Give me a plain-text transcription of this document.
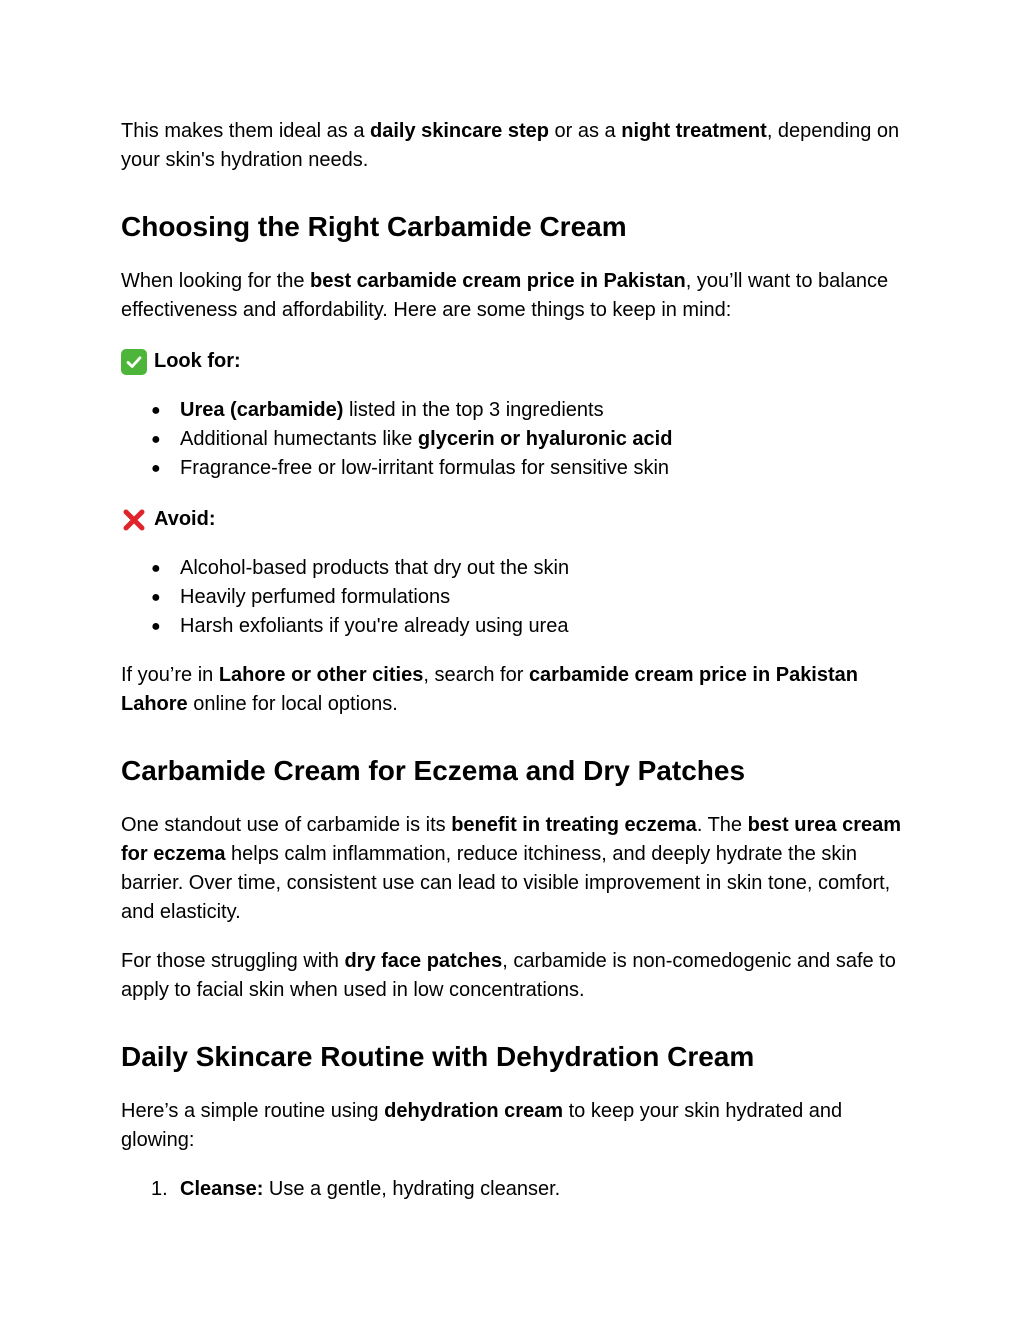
This makes them ideal as a daily skincare step or as a night treatment, depending on your skin's hydration needs.

Choosing the Right Carbamide Cream

When looking for the best carbamide cream price in Pakistan, you’ll want to balance effectiveness and affordability. Here are some things to keep in mind:

Look for:
● Urea (carbamide) listed in the top 3 ingredients
● Additional humectants like glycerin or hyaluronic acid
● Fragrance-free or low-irritant formulas for sensitive skin
Avoid:
● Alcohol-based products that dry out the skin
● Heavily perfumed formulations
● Harsh exfoliants if you're already using urea

If you’re in Lahore or other cities, search for carbamide cream price in Pakistan Lahore online for local options.

Carbamide Cream for Eczema and Dry Patches

One standout use of carbamide is its benefit in treating eczema. The best urea cream for eczema helps calm inflammation, reduce itchiness, and deeply hydrate the skin barrier. Over time, consistent use can lead to visible improvement in skin tone, comfort, and elasticity.

For those struggling with dry face patches, carbamide is non-comedogenic and safe to apply to facial skin when used in low concentrations.

Daily Skincare Routine with Dehydration Cream

Here’s a simple routine using dehydration cream to keep your skin hydrated and glowing:

1. Cleanse: Use a gentle, hydrating cleanser.
